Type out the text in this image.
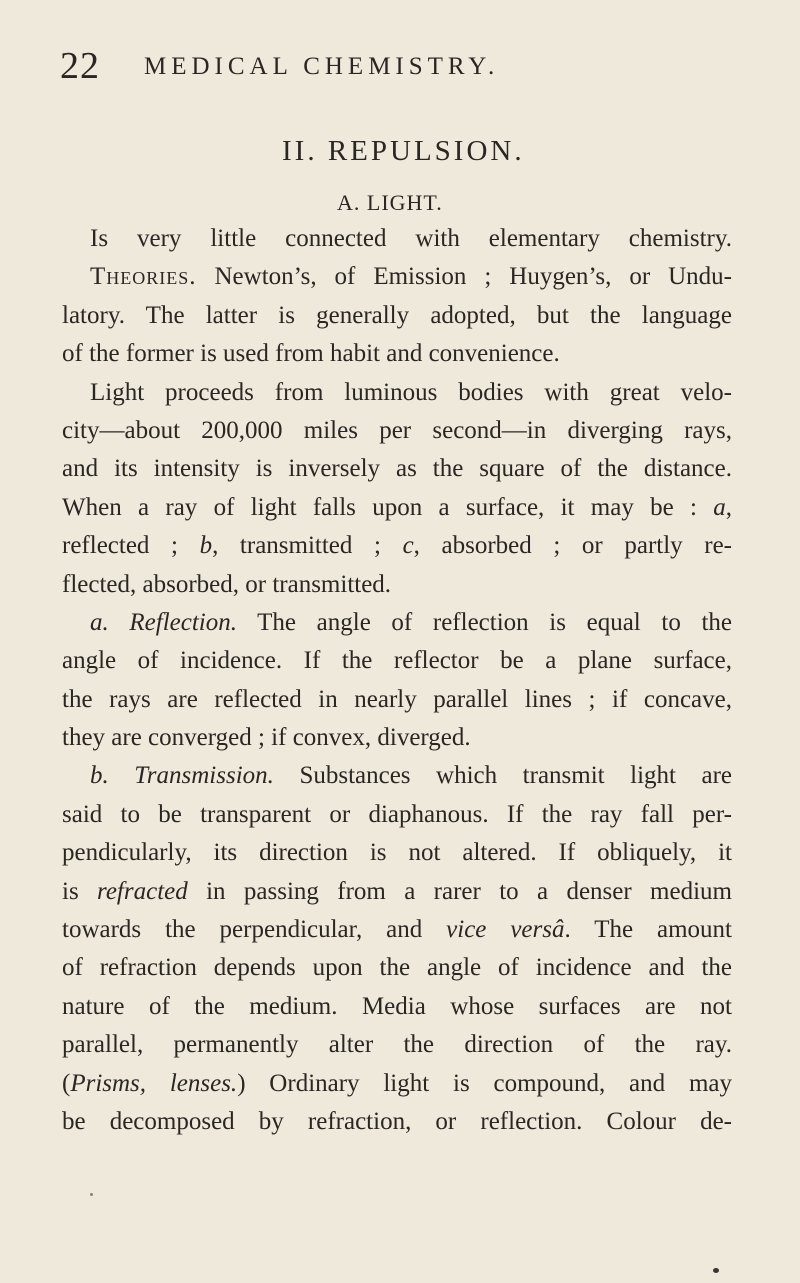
22 MEDICAL CHEMISTRY.
II. REPULSION.
A. LIGHT.
Is very little connected with elementary chemistry.
Theories. Newton’s, of Emission ; Huygen’s, or Undu-
latory. The latter is generally adopted, but the language
of the former is used from habit and convenience.
Light proceeds from luminous bodies with great velo-
city—about 200,000 miles per second—in diverging rays,
and its intensity is inversely as the square of the distance.
When a ray of light falls upon a surface, it may be : a,
reflected ; b, transmitted ; c, absorbed ; or partly re-
flected, absorbed, or transmitted.
a. Reflection. The angle of reflection is equal to the
angle of incidence. If the reflector be a plane surface,
the rays are reflected in nearly parallel lines ; if concave,
they are converged ; if convex, diverged.
b. Transmission. Substances which transmit light are
said to be transparent or diaphanous. If the ray fall per-
pendicularly, its direction is not altered. If obliquely, it
is refracted in passing from a rarer to a denser medium
towards the perpendicular, and vice versâ. The amount
of refraction depends upon the angle of incidence and the
nature of the medium. Media whose surfaces are not
parallel, permanently alter the direction of the ray.
(Prisms, lenses.) Ordinary light is compound, and may
be decomposed by refraction, or reflection. Colour de-
